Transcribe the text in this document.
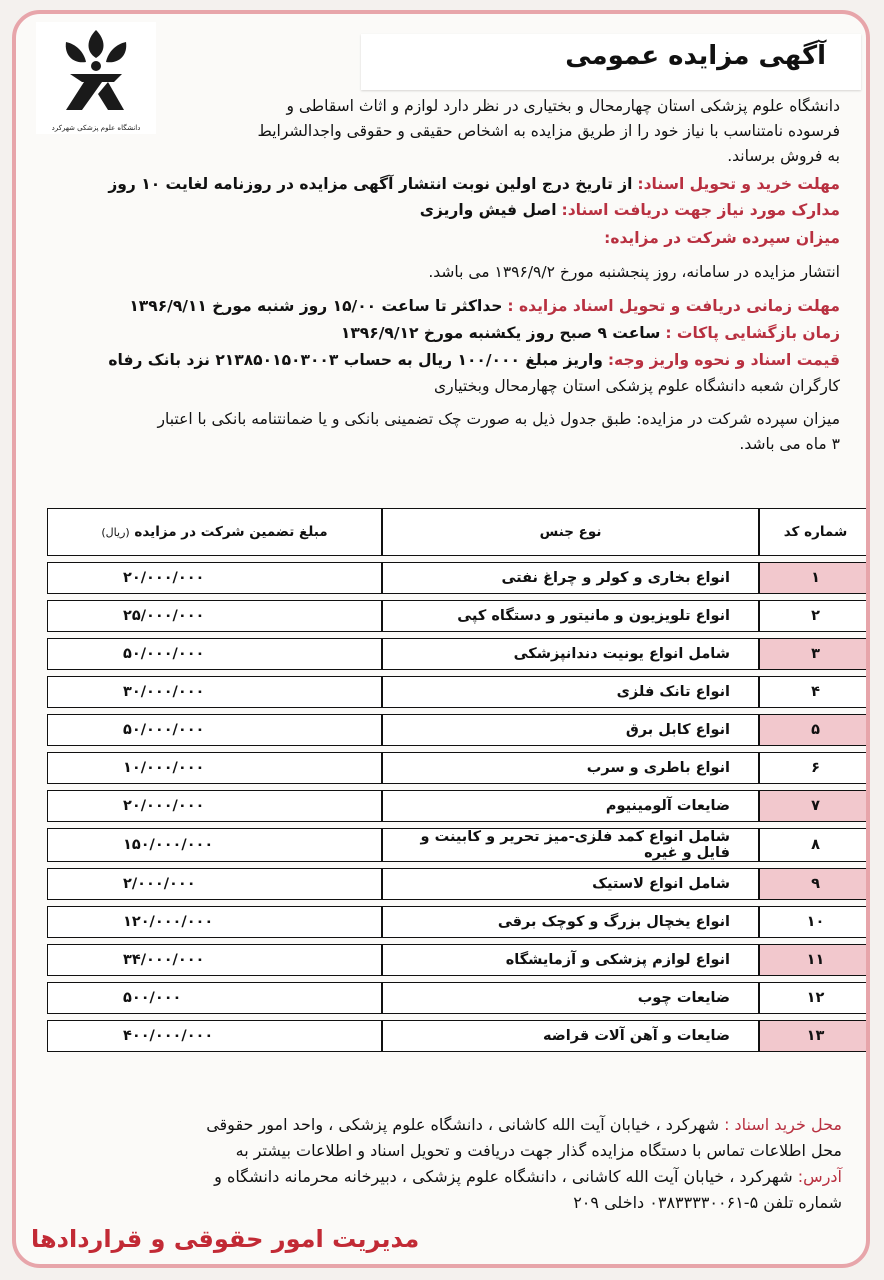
دانشگاه علوم پزشکی شهرکرد
آگهی مزایده عمومی
دانشگاه علوم پزشکی استان چهارمحال و بختیاری در نظر دارد لوازم و اثاث اسقاطی و
فرسوده نامتناسب با نیاز خود را از طریق مزایده به اشخاص حقیقی و حقوقی واجدالشرایط
به فروش برساند.
مهلت خرید و تحویل اسناد: از تاریخ درج اولین نوبت انتشار آگهی مزایده در روزنامه لغایت ۱۰ روز
مدارک مورد نیاز جهت دریافت اسناد: اصل فیش واریزی
میزان سپرده شرکت در مزایده:
انتشار مزایده در سامانه، روز پنجشنبه مورخ ۱۳۹۶/۹/۲ می باشد.
مهلت زمانی دریافت و تحویل اسناد مزایده : حداکثر تا ساعت ۱۵/۰۰ روز شنبه مورخ ۱۳۹۶/۹/۱۱
زمان بازگشایی پاکات : ساعت ۹ صبح روز یکشنبه مورخ ۱۳۹۶/۹/۱۲
قیمت اسناد و نحوه واریز وجه: واریز مبلغ ۱۰۰/۰۰۰ ریال به حساب ۲۱۳۸۵۰۱۵۰۳۰۰۳ نزد بانک رفاه
کارگران شعبه دانشگاه علوم پزشکی استان چهارمحال وبختیاری
میزان سپرده شرکت در مزایده: طبق جدول ذیل به صورت چک تضمینی بانکی و یا ضمانتنامه بانکی با اعتبار
۳ ماه می باشد.
شماره کد	نوع جنس	مبلغ تضمین شرکت در مزایده (ریال)
۱	انواع بخاری و کولر و چراغ نفتی	۲۰/۰۰۰/۰۰۰
۲	انواع تلویزیون و مانیتور و دستگاه کپی	۲۵/۰۰۰/۰۰۰
۳	شامل انواع یونیت دندانپزشکی	۵۰/۰۰۰/۰۰۰
۴	انواع تانک فلزی	۳۰/۰۰۰/۰۰۰
۵	انواع کابل برق	۵۰/۰۰۰/۰۰۰
۶	انواع باطری و سرب	۱۰/۰۰۰/۰۰۰
۷	ضایعات آلومینیوم	۲۰/۰۰۰/۰۰۰
۸	شامل انواع کمد فلزی-میز تحریر و کابینت و فایل و غیره	۱۵۰/۰۰۰/۰۰۰
۹	شامل انواع لاستیک	۲/۰۰۰/۰۰۰
۱۰	انواع یخچال بزرگ و کوچک برقی	۱۲۰/۰۰۰/۰۰۰
۱۱	انواع لوازم پزشکی و آزمایشگاه	۳۴/۰۰۰/۰۰۰
۱۲	ضایعات چوب	۵۰۰/۰۰۰
۱۳	ضایعات و آهن آلات قراضه	۴۰۰/۰۰۰/۰۰۰
محل خرید اسناد : شهرکرد ، خیابان آیت الله کاشانی ، دانشگاه علوم پزشکی ، واحد امور حقوقی
محل اطلاعات تماس با دستگاه مزایده گذار جهت دریافت و تحویل اسناد و اطلاعات بیشتر به
آدرس: شهرکرد ، خیابان آیت الله کاشانی ، دانشگاه علوم پزشکی ، دبیرخانه محرمانه دانشگاه و
شماره تلفن ۵-۰۳۸۳۳۳۳۰۰۶۱ داخلی ۲۰۹
مدیریت امور حقوقی و قراردادها
